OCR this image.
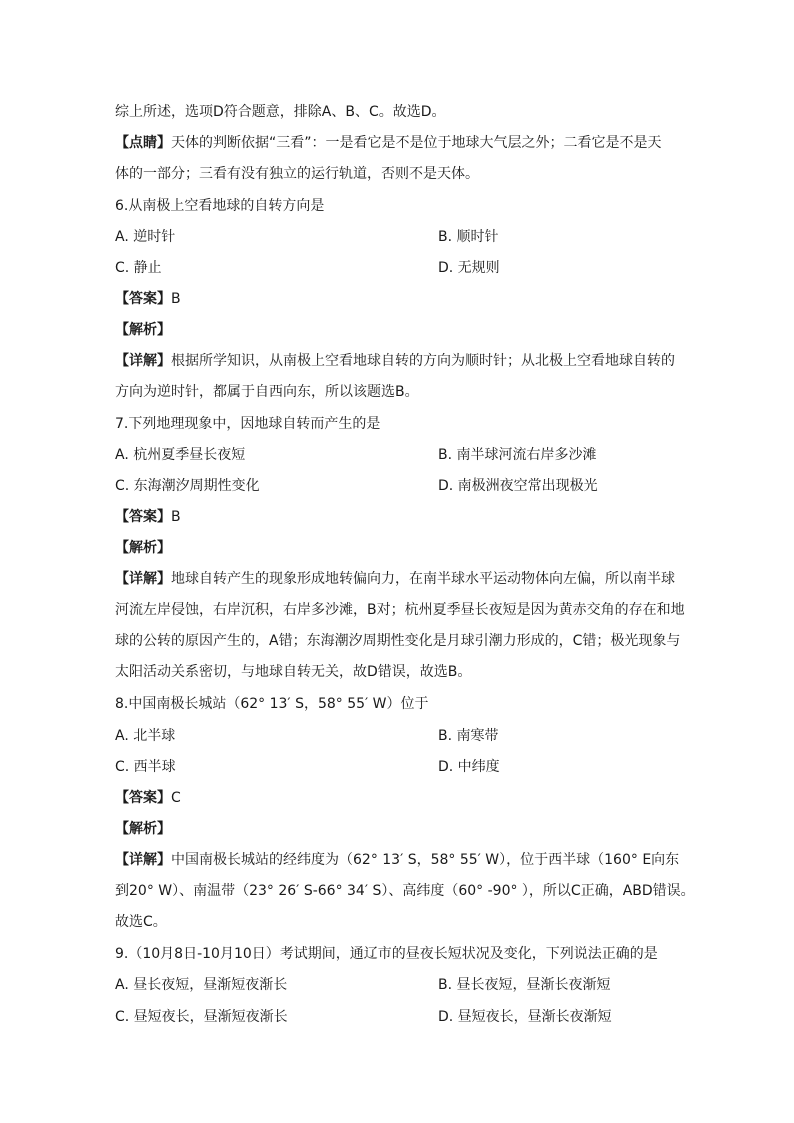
综上所述，选项D符合题意，排除A、B、C。故选D。
【点睛】天体的判断依据“三看”：一是看它是不是位于地球大气层之外；二看它是不是天
体的一部分；三看有没有独立的运行轨道，否则不是天体。
6.从南极上空看地球的自转方向是
A. 逆时针	B. 顺时针
C. 静止	D. 无规则
【答案】B
【解析】
【详解】根据所学知识，从南极上空看地球自转的方向为顺时针；从北极上空看地球自转的
方向为逆时针，都属于自西向东，所以该题选B。
7.下列地理现象中，因地球自转而产生的是
A. 杭州夏季昼长夜短	B. 南半球河流右岸多沙滩
C. 东海潮汐周期性变化	D. 南极洲夜空常出现极光
【答案】B
【解析】
【详解】地球自转产生的现象形成地转偏向力，在南半球水平运动物体向左偏，所以南半球
河流左岸侵蚀，右岸沉积，右岸多沙滩，B对；杭州夏季昼长夜短是因为黄赤交角的存在和地
球的公转的原因产生的，A错；东海潮汐周期性变化是月球引潮力形成的，C错；极光现象与
太阳活动关系密切，与地球自转无关，故D错误，故选B。
8.中国南极长城站（62° 13′ S，58° 55′ W）位于
A. 北半球	B. 南寒带
C. 西半球	D. 中纬度
【答案】C
【解析】
【详解】中国南极长城站的经纬度为（62° 13′ S，58° 55′ W），位于西半球（160° E向东
到20° W）、南温带（23° 26′ S-66° 34′ S）、高纬度（60° -90° ），所以C正确，ABD错误。
故选C。
9.（10月8日-10月10日）考试期间，通辽市的昼夜长短状况及变化，下列说法正确的是
A. 昼长夜短，昼渐短夜渐长	B. 昼长夜短，昼渐长夜渐短
C. 昼短夜长，昼渐短夜渐长	D. 昼短夜长，昼渐长夜渐短
